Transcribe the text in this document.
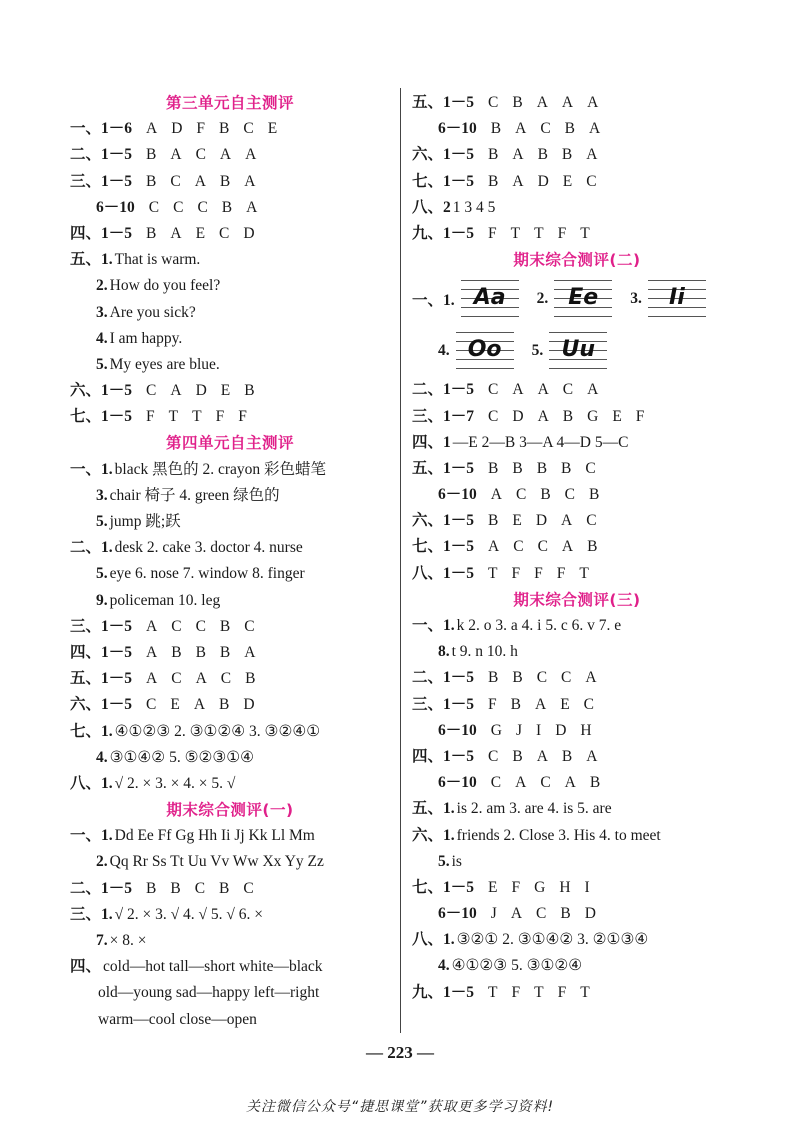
第三单元自主测评
一、1－6 A D F B C E
二、1－5 B A C A A
三、1－5 B C A B A
6－10 C C C B A
四、1－5 B A E C D
五、1. That is warm.
2. How do you feel?
3. Are you sick?
4. I am happy.
5. My eyes are blue.
六、1－5 C A D E B
七、1－5 F T T F F
第四单元自主测评
一、1. black 黑色的 2. crayon 彩色蜡笔
3. chair 椅子 4. green 绿色的
5. jump 跳;跃
二、1. desk 2. cake 3. doctor 4. nurse
5. eye 6. nose 7. window 8. finger
9. policeman 10. leg
三、1－5 A C C B C
四、1－5 A B B B A
五、1－5 A C A C B
六、1－5 C E A B D
七、1. ④①②③ 2. ③①②④ 3. ③②④①
4. ③①④② 5. ⑤②③①④
八、1. √ 2. × 3. × 4. × 5. √
期末综合测评(一)
一、1. Dd Ee Ff Gg Hh Ii Jj Kk Ll Mm
2. Qq Rr Ss Tt Uu Vv Ww Xx Yy Zz
二、1－5 B B C B C
三、1. √ 2. × 3. √ 4. √ 5. √ 6. ×
7. × 8. ×
四、 cold—hot tall—short white—black
old—young sad—happy left—right
warm—cool close—open
五、1－5 C B A A A
6－10 B A C B A
六、1－5 B A B B A
七、1－5 B A D E C
八、2 1 3 4 5
九、1－5 F T T F T
期末综合测评(二)
一、1. Aa	2. Ee	3.	Ii
4. Oo	5. Uu
二、1－5 C A A C A
三、1－7 C D A B G E F
四、1 —E 2—B 3—A 4—D 5—C
五、1－5 B B B B C
6－10 A C B C B
六、1－5 B E D A C
七、1－5 A C C A B
八、1－5 T F F F T
期末综合测评(三)
一、1. k 2. o 3. a 4. i 5. c 6. v 7. e
8. t 9. n 10. h
二、1－5 B B C C A
三、1－5 F B A E C
6－10 G J I D H
四、1－5 C B A B A
6－10 C A C A B
五、1. is 2. am 3. are 4. is 5. are
六、1. friends 2. Close 3. His 4. to meet
5. is
七、1－5 E F G H I
6－10 J A C B D
八、1. ③②① 2. ③①④② 3. ②①③④
4. ④①②③ 5. ③①②④
九、1－5 T F T F T
— 223 —
关注微信公众号“捷思课堂”获取更多学习资料!
